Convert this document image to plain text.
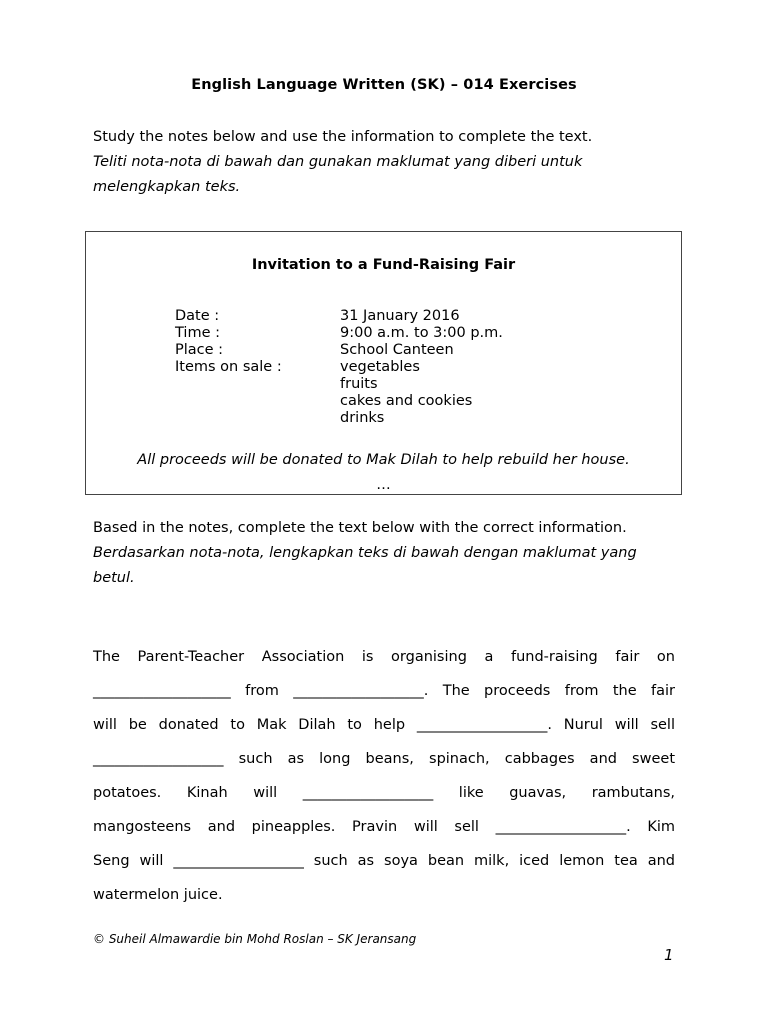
English Language Written (SK) – 014 Exercises
Study the notes below and use the information to complete the text.
Teliti nota-nota di bawah dan gunakan maklumat yang diberi untuk
melengkapkan teks.
Invitation to a Fund-Raising Fair
Date :	31 January 2016
Time :	9:00 a.m. to 3:00 p.m.
Place :	School Canteen
Items on sale :	vegetables
fruits
cakes and cookies
drinks
All proceeds will be donated to Mak Dilah to help rebuild her house.
…
Based in the notes, complete the text below with the correct information.
Berdasarkan nota-nota, lengkapkan teks di bawah dengan maklumat yang
betul.
The Parent-Teacher Association is organising a fund-raising fair on
___________________ from __________________. The proceeds from the fair
will be donated to Mak Dilah to help __________________. Nurul will sell
__________________ such as long beans, spinach, cabbages and sweet
potatoes. Kinah will __________________ like guavas, rambutans,
mangosteens and pineapples. Pravin will sell __________________. Kim
Seng will __________________ such as soya bean milk, iced lemon tea and
watermelon juice.
© Suheil Almawardie bin Mohd Roslan – SK Jeransang
1
